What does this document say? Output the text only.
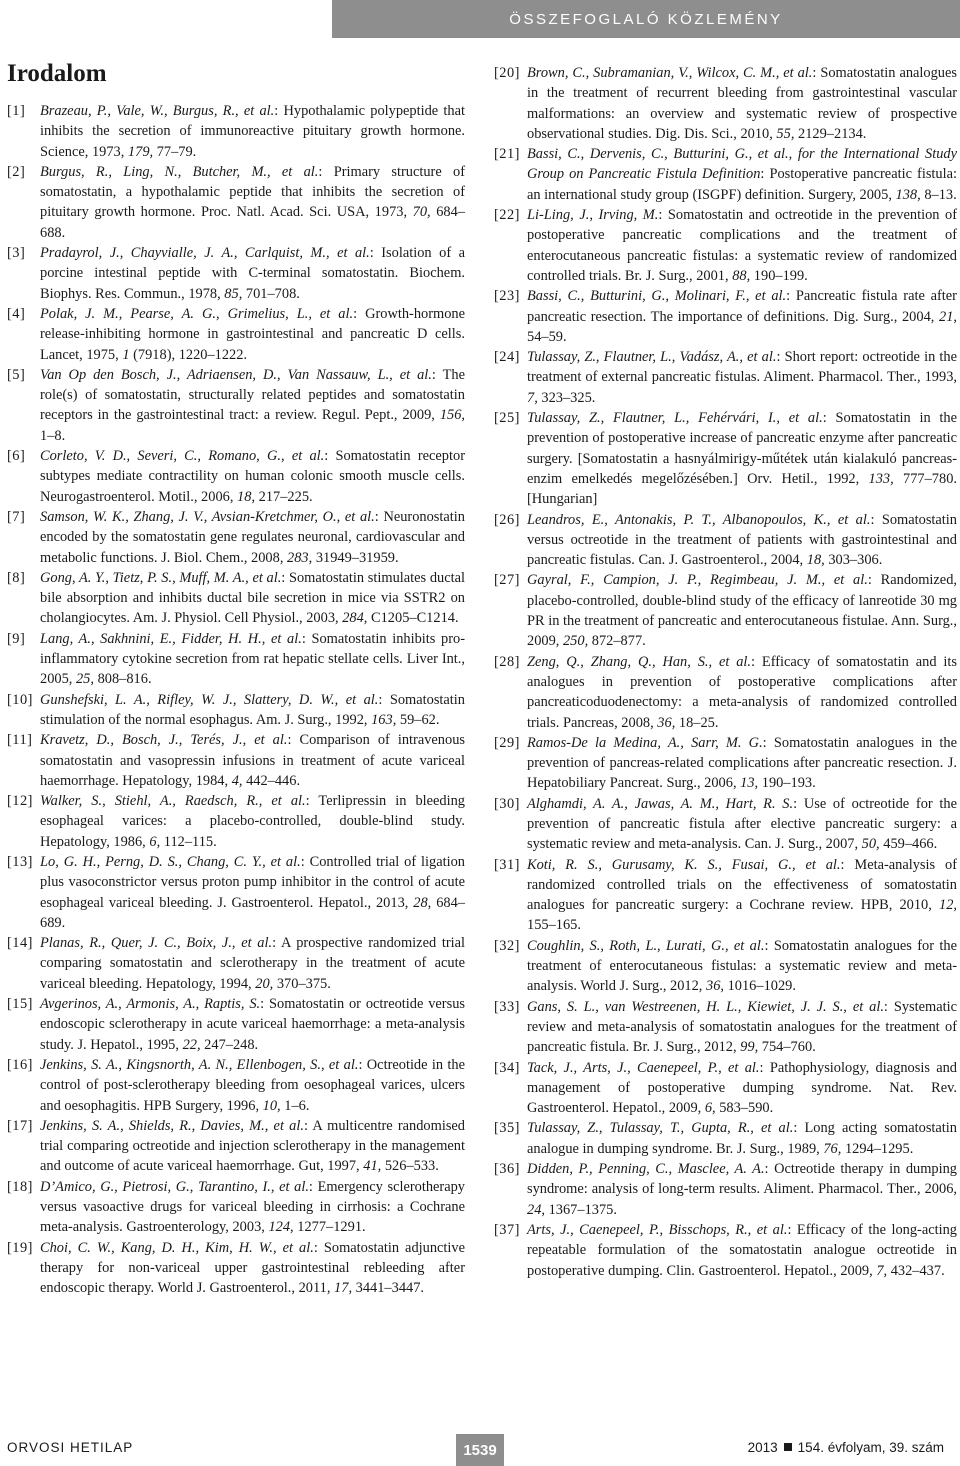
ÖSSZEFOGLALÓ KÖZLEMÉNY
Irodalom

[1] Brazeau, P., Vale, W., Burgus, R., et al.: Hypothalamic polypeptide that inhibits the secretion of immunoreactive pituitary growth hormone. Science, 1973, 179, 77–79.

[2] Burgus, R., Ling, N., Butcher, M., et al.: Primary structure of somatostatin, a hypothalamic peptide that inhibits the secretion of pituitary growth hormone. Proc. Natl. Acad. Sci. USA, 1973, 70, 684–688.

[3] Pradayrol, J., Chayvialle, J. A., Carlquist, M., et al.: Isolation of a porcine intestinal peptide with C-terminal somatostatin. Biochem. Biophys. Res. Commun., 1978, 85, 701–708.

[4] Polak, J. M., Pearse, A. G., Grimelius, L., et al.: Growth-hormone release-inhibiting hormone in gastrointestinal and pancreatic D cells. Lancet, 1975, 1 (7918), 1220–1222.

[5] Van Op den Bosch, J., Adriaensen, D., Van Nassauw, L., et al.: The role(s) of somatostatin, structurally related peptides and somatostatin receptors in the gastrointestinal tract: a review. Regul. Pept., 2009, 156, 1–8.

[6] Corleto, V. D., Severi, C., Romano, G., et al.: Somatostatin receptor subtypes mediate contractility on human colonic smooth muscle cells. Neurogastroenterol. Motil., 2006, 18, 217–225.

[7] Samson, W. K., Zhang, J. V., Avsian-Kretchmer, O., et al.: Neuronostatin encoded by the somatostatin gene regulates neuronal, cardiovascular and metabolic functions. J. Biol. Chem., 2008, 283, 31949–31959.

[8] Gong, A. Y., Tietz, P. S., Muff, M. A., et al.: Somatostatin stimulates ductal bile absorption and inhibits ductal bile secretion in mice via SSTR2 on cholangiocytes. Am. J. Physiol. Cell Physiol., 2003, 284, C1205–C1214.

[9] Lang, A., Sakhnini, E., Fidder, H. H., et al.: Somatostatin inhibits pro-inflammatory cytokine secretion from rat hepatic stellate cells. Liver Int., 2005, 25, 808–816.

[10] Gunshefski, L. A., Rifley, W. J., Slattery, D. W., et al.: Somatostatin stimulation of the normal esophagus. Am. J. Surg., 1992, 163, 59–62.

[11] Kravetz, D., Bosch, J., Terés, J., et al.: Comparison of intravenous somatostatin and vasopressin infusions in treatment of acute variceal haemorrhage. Hepatology, 1984, 4, 442–446.

[12] Walker, S., Stiehl, A., Raedsch, R., et al.: Terlipressin in bleeding esophageal varices: a placebo-controlled, double-blind study. Hepatology, 1986, 6, 112–115.

[13] Lo, G. H., Perng, D. S., Chang, C. Y., et al.: Controlled trial of ligation plus vasoconstrictor versus proton pump inhibitor in the control of acute esophageal variceal bleeding. J. Gastroenterol. Hepatol., 2013, 28, 684–689.

[14] Planas, R., Quer, J. C., Boix, J., et al.: A prospective randomized trial comparing somatostatin and sclerotherapy in the treatment of acute variceal bleeding. Hepatology, 1994, 20, 370–375.

[15] Avgerinos, A., Armonis, A., Raptis, S.: Somatostatin or octreotide versus endoscopic sclerotherapy in acute variceal haemorrhage: a meta-analysis study. J. Hepatol., 1995, 22, 247–248.

[16] Jenkins, S. A., Kingsnorth, A. N., Ellenbogen, S., et al.: Octreotide in the control of post-sclerotherapy bleeding from oesophageal varices, ulcers and oesophagitis. HPB Surgery, 1996, 10, 1–6.

[17] Jenkins, S. A., Shields, R., Davies, M., et al.: A multicentre randomised trial comparing octreotide and injection sclerotherapy in the management and outcome of acute variceal haemorrhage. Gut, 1997, 41, 526–533.

[18] D’Amico, G., Pietrosi, G., Tarantino, I., et al.: Emergency sclerotherapy versus vasoactive drugs for variceal bleeding in cirrhosis: a Cochrane meta-analysis. Gastroenterology, 2003, 124, 1277–1291.

[19] Choi, C. W., Kang, D. H., Kim, H. W., et al.: Somatostatin adjunctive therapy for non-variceal upper gastrointestinal rebleeding after endoscopic therapy. World J. Gastroenterol., 2011, 17, 3441–3447.

[20] Brown, C., Subramanian, V., Wilcox, C. M., et al.: Somatostatin analogues in the treatment of recurrent bleeding from gastrointestinal vascular malformations: an overview and systematic review of prospective observational studies. Dig. Dis. Sci., 2010, 55, 2129–2134.

[21] Bassi, C., Dervenis, C., Butturini, G., et al., for the International Study Group on Pancreatic Fistula Definition: Postoperative pancreatic fistula: an international study group (ISGPF) definition. Surgery, 2005, 138, 8–13.

[22] Li-Ling, J., Irving, M.: Somatostatin and octreotide in the prevention of postoperative pancreatic complications and the treatment of enterocutaneous pancreatic fistulas: a systematic review of randomized controlled trials. Br. J. Surg., 2001, 88, 190–199.

[23] Bassi, C., Butturini, G., Molinari, F., et al.: Pancreatic fistula rate after pancreatic resection. The importance of definitions. Dig. Surg., 2004, 21, 54–59.

[24] Tulassay, Z., Flautner, L., Vadász, A., et al.: Short report: octreotide in the treatment of external pancreatic fistulas. Aliment. Pharmacol. Ther., 1993, 7, 323–325.

[25] Tulassay, Z., Flautner, L., Fehérvári, I., et al.: Somatostatin in the prevention of postoperative increase of pancreatic enzyme after pancreatic surgery. [Somatostatin a hasnyálmirigy-műtétek után kialakuló pancreas-enzim emelkedés megelőzésében.] Orv. Hetil., 1992, 133, 777–780. [Hungarian]

[26] Leandros, E., Antonakis, P. T., Albanopoulos, K., et al.: Somatostatin versus octreotide in the treatment of patients with gastrointestinal and pancreatic fistulas. Can. J. Gastroenterol., 2004, 18, 303–306.

[27] Gayral, F., Campion, J. P., Regimbeau, J. M., et al.: Randomized, placebo-controlled, double-blind study of the efficacy of lanreotide 30 mg PR in the treatment of pancreatic and enterocutaneous fistulae. Ann. Surg., 2009, 250, 872–877.

[28] Zeng, Q., Zhang, Q., Han, S., et al.: Efficacy of somatostatin and its analogues in prevention of postoperative complications after pancreaticoduodenectomy: a meta-analysis of randomized controlled trials. Pancreas, 2008, 36, 18–25.

[29] Ramos-De la Medina, A., Sarr, M. G.: Somatostatin analogues in the prevention of pancreas-related complications after pancreatic resection. J. Hepatobiliary Pancreat. Surg., 2006, 13, 190–193.

[30] Alghamdi, A. A., Jawas, A. M., Hart, R. S.: Use of octreotide for the prevention of pancreatic fistula after elective pancreatic surgery: a systematic review and meta-analysis. Can. J. Surg., 2007, 50, 459–466.

[31] Koti, R. S., Gurusamy, K. S., Fusai, G., et al.: Meta-analysis of randomized controlled trials on the effectiveness of somatostatin analogues for pancreatic surgery: a Cochrane review. HPB, 2010, 12, 155–165.

[32] Coughlin, S., Roth, L., Lurati, G., et al.: Somatostatin analogues for the treatment of enterocutaneous fistulas: a systematic review and meta-analysis. World J. Surg., 2012, 36, 1016–1029.

[33] Gans, S. L., van Westreenen, H. L., Kiewiet, J. J. S., et al.: Systematic review and meta-analysis of somatostatin analogues for the treatment of pancreatic fistula. Br. J. Surg., 2012, 99, 754–760.

[34] Tack, J., Arts, J., Caenepeel, P., et al.: Pathophysiology, diagnosis and management of postoperative dumping syndrome. Nat. Rev. Gastroenterol. Hepatol., 2009, 6, 583–590.

[35] Tulassay, Z., Tulassay, T., Gupta, R., et al.: Long acting somatostatin analogue in dumping syndrome. Br. J. Surg., 1989, 76, 1294–1295.

[36] Didden, P., Penning, C., Masclee, A. A.: Octreotide therapy in dumping syndrome: analysis of long-term results. Aliment. Pharmacol. Ther., 2006, 24, 1367–1375.

[37] Arts, J., Caenepeel, P., Bisschops, R., et al.: Efficacy of the long-acting repeatable formulation of the somatostatin analogue octreotide in postoperative dumping. Clin. Gastroenterol. Hepatol., 2009, 7, 432–437.

ORVOSI HETILAP	1539	2013 154. évfolyam, 39. szám
